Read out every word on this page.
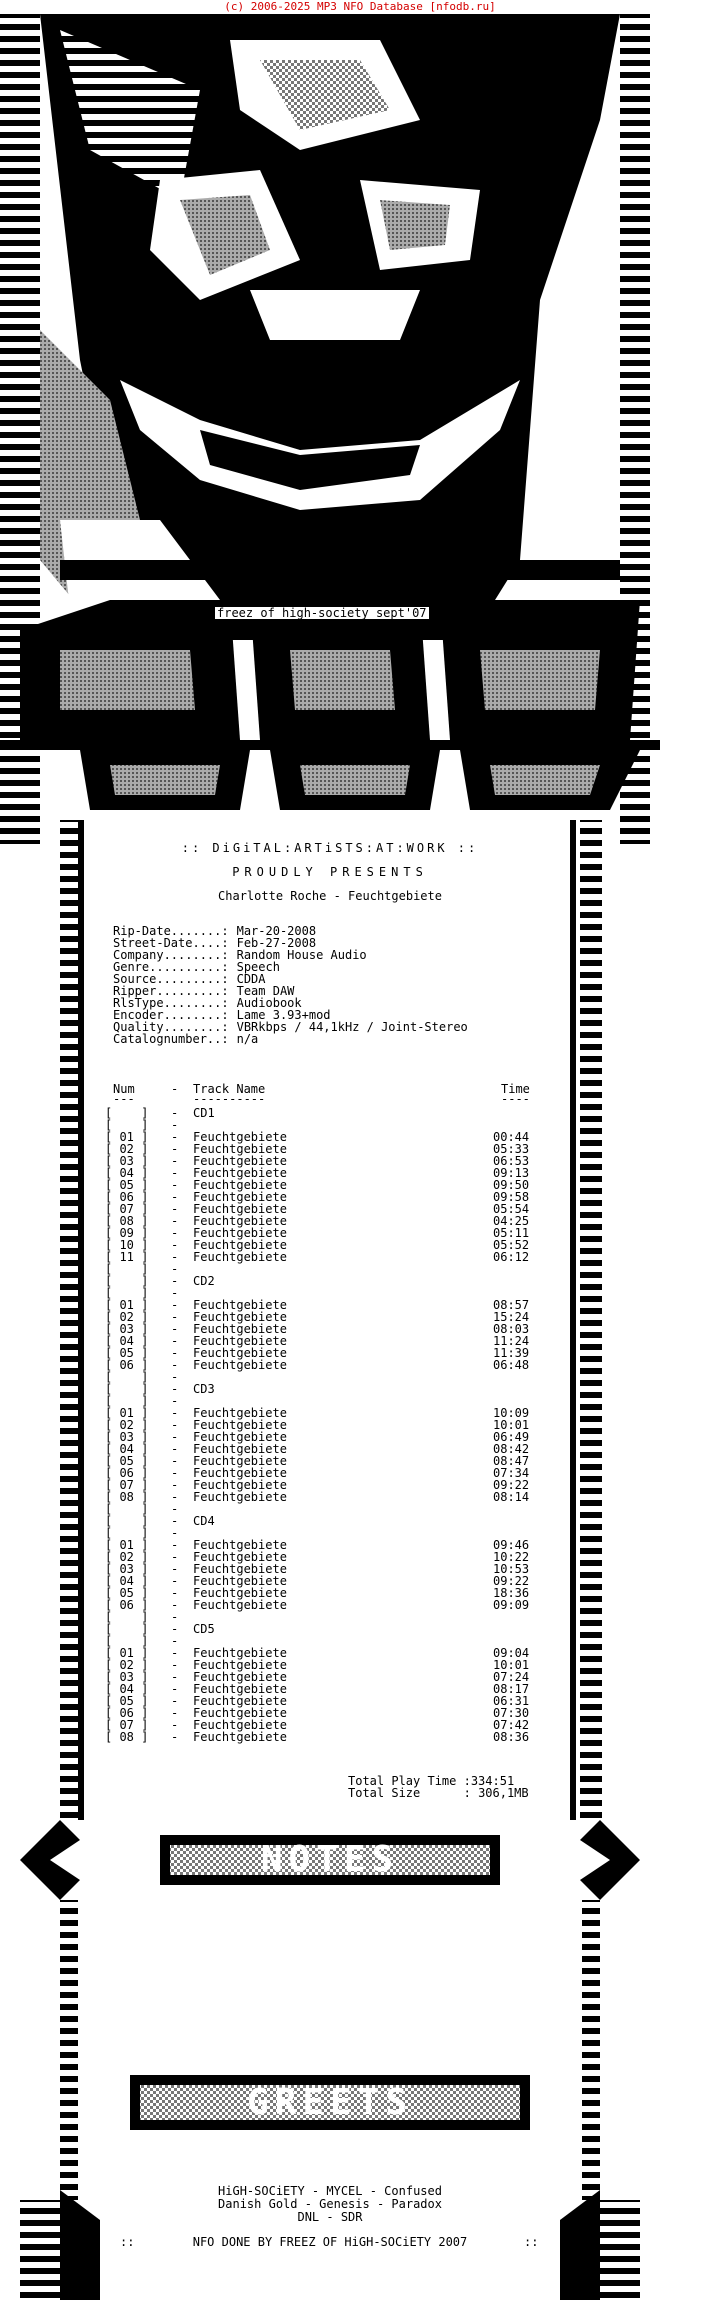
(c) 2006-2025 MP3 NFO Database [nfodb.ru]
freez of high-society sept'07
:: DiGiTAL:ARTiSTS:AT:WORK ::
PROUDLY PRESENTS
Charlotte Roche - Feuchtgebiete
Rip-Date.......: Mar-20-2008
Street-Date....: Feb-27-2008
Company........: Random House Audio
Genre..........: Speech
Source.........: CDDA
Ripper.........: Team DAW
RlsType........: Audiobook
Encoder........: Lame 3.93+mod
Quality........: VBRkbps / 44,1kHz / Joint-Stereo
Catalognumber..: n/a
Num	- Track Name	Time
---	----------	----
[    ] - CD1
[    ] -
[ 01 ] - Feuchtgebiete	00:44
[ 02 ] - Feuchtgebiete	05:33
[ 03 ] - Feuchtgebiete	06:53
[ 04 ] - Feuchtgebiete	09:13
[ 05 ] - Feuchtgebiete	09:50
[ 06 ] - Feuchtgebiete	09:58
[ 07 ] - Feuchtgebiete	05:54
[ 08 ] - Feuchtgebiete	04:25
[ 09 ] - Feuchtgebiete	05:11
[ 10 ] - Feuchtgebiete	05:52
[ 11 ] - Feuchtgebiete	06:12
[    ] -
[    ] - CD2
[    ] -
[ 01 ] - Feuchtgebiete	08:57
[ 02 ] - Feuchtgebiete	15:24
[ 03 ] - Feuchtgebiete	08:03
[ 04 ] - Feuchtgebiete	11:24
[ 05 ] - Feuchtgebiete	11:39
[ 06 ] - Feuchtgebiete	06:48
[    ] -
[    ] - CD3
[    ] -
[ 01 ] - Feuchtgebiete	10:09
[ 02 ] - Feuchtgebiete	10:01
[ 03 ] - Feuchtgebiete	06:49
[ 04 ] - Feuchtgebiete	08:42
[ 05 ] - Feuchtgebiete	08:47
[ 06 ] - Feuchtgebiete	07:34
[ 07 ] - Feuchtgebiete	09:22
[ 08 ] - Feuchtgebiete	08:14
[    ] -
[    ] - CD4
[    ] -
[ 01 ] - Feuchtgebiete	09:46
[ 02 ] - Feuchtgebiete	10:22
[ 03 ] - Feuchtgebiete	10:53
[ 04 ] - Feuchtgebiete	09:22
[ 05 ] - Feuchtgebiete	18:36
[ 06 ] - Feuchtgebiete	09:09
[    ] -
[    ] - CD5
[    ] -
[ 01 ] - Feuchtgebiete	09:04
[ 02 ] - Feuchtgebiete	10:01
[ 03 ] - Feuchtgebiete	07:24
[ 04 ] - Feuchtgebiete	08:17
[ 05 ] - Feuchtgebiete	06:31
[ 06 ] - Feuchtgebiete	07:30
[ 07 ] - Feuchtgebiete	07:42
[ 08 ] - Feuchtgebiete	08:36
Total Play Time :334:51
Total Size      : 306,1MB
NOTES
::	::
GREETS
HiGH-SOCiETY - MYCEL - Confused
Danish Gold - Genesis - Paradox
DNL - SDR
::	NFO DONE BY FREEZ OF HiGH-SOCiETY 2007	::
